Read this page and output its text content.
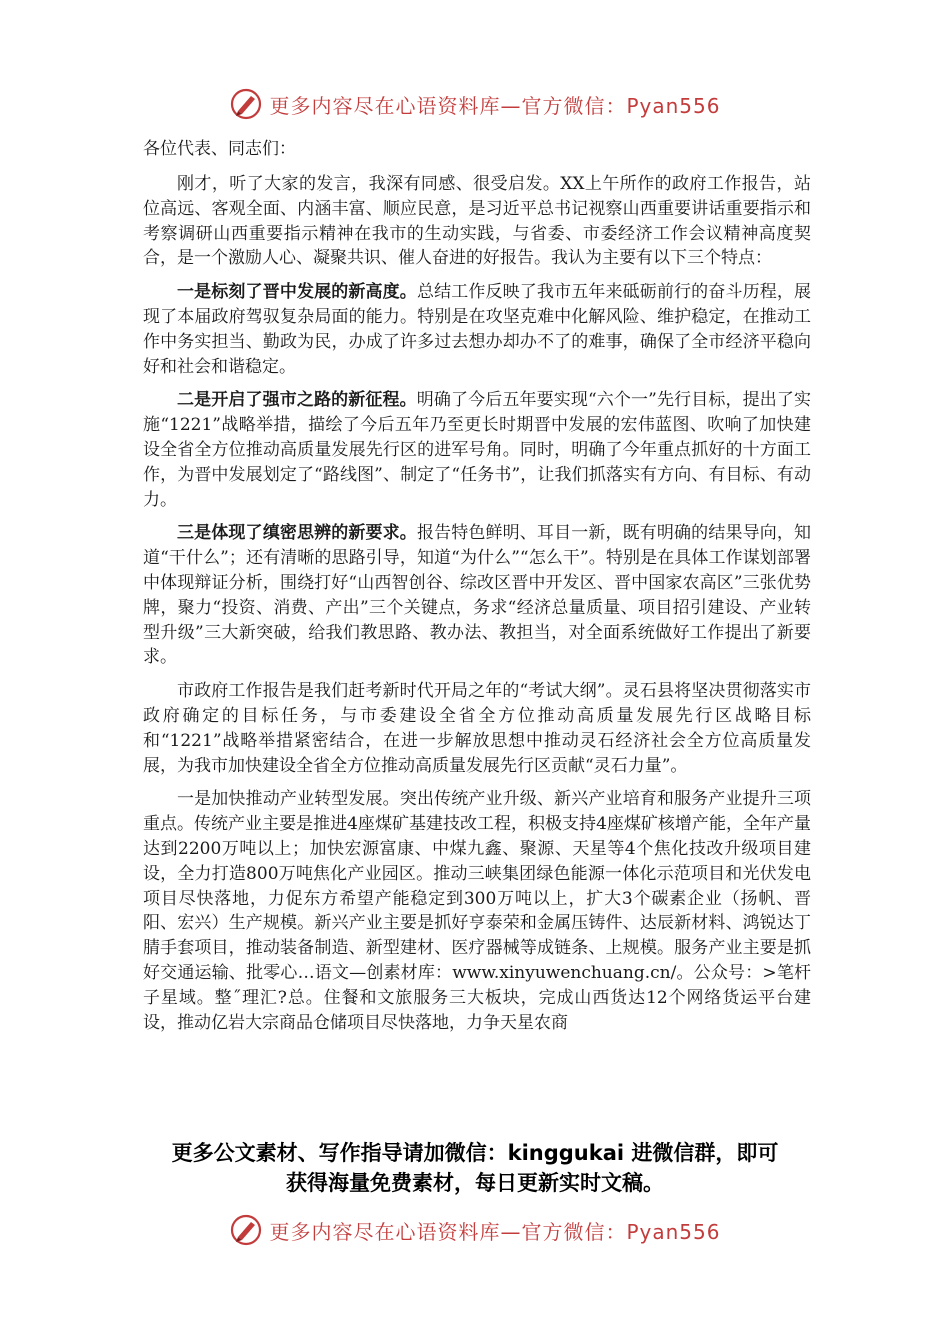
更多内容尽在心语资料库—官方微信：Pyan556

各位代表、同志们：

刚才，听了大家的发言，我深有同感、很受启发。XX上午所作的政府工作报告，站位高远、客观全面、内涵丰富、顺应民意，是习近平总书记视察山西重要讲话重要指示和考察调研山西重要指示精神在我市的生动实践，与省委、市委经济工作会议精神高度契合，是一个激励人心、凝聚共识、催人奋进的好报告。我认为主要有以下三个特点：

一是标刻了晋中发展的新高度。总结工作反映了我市五年来砥砺前行的奋斗历程，展现了本届政府驾驭复杂局面的能力。特别是在攻坚克难中化解风险、维护稳定，在推动工作中务实担当、勤政为民，办成了许多过去想办却办不了的难事，确保了全市经济平稳向好和社会和谐稳定。

二是开启了强市之路的新征程。明确了今后五年要实现“六个一”先行目标，提出了实施“1221”战略举措，描绘了今后五年乃至更长时期晋中发展的宏伟蓝图、吹响了加快建设全省全方位推动高质量发展先行区的进军号角。同时，明确了今年重点抓好的十方面工作，为晋中发展划定了“路线图”、制定了“任务书”，让我们抓落实有方向、有目标、有动力。

三是体现了缜密思辨的新要求。报告特色鲜明、耳目一新，既有明确的结果导向，知道“干什么”；还有清晰的思路引导，知道“为什么”“怎么干”。特别是在具体工作谋划部署中体现辩证分析，围绕打好“山西智创谷、综改区晋中开发区、晋中国家农高区”三张优势牌，聚力“投资、消费、产出”三个关键点，务求“经济总量质量、项目招引建设、产业转型升级”三大新突破，给我们教思路、教办法、教担当，对全面系统做好工作提出了新要求。

市政府工作报告是我们赶考新时代开局之年的“考试大纲”。灵石县将坚决贯彻落实市政府确定的目标任务，与市委建设全省全方位推动高质量发展先行区战略目标和“1221”战略举措紧密结合，在进一步解放思想中推动灵石经济社会全方位高质量发展，为我市加快建设全省全方位推动高质量发展先行区贡献“灵石力量”。

一是加快推动产业转型发展。突出传统产业升级、新兴产业培育和服务产业提升三项重点。传统产业主要是推进4座煤矿基建技改工程，积极支持4座煤矿核增产能，全年产量达到2200万吨以上；加快宏源富康、中煤九鑫、聚源、天星等4个焦化技改升级项目建设，全力打造800万吨焦化产业园区。推动三峡集团绿色能源一体化示范项目和光伏发电项目尽快落地，力促东方希望产能稳定到300万吨以上，扩大3个碳素企业（扬帆、晋阳、宏兴）生产规模。新兴产业主要是抓好亨泰荣和金属压铸件、达辰新材料、鸿锐达丁腈手套项目，推动装备制造、新型建材、医疗器械等成链条、上规模。服务产业主要是抓好交通运输、批零心…语文—创素材库：www.xinyuwenchuang.cn/。公众号：>笔杆子星域。整˝理汇?总。住餐和文旅服务三大板块，完成山西货达12个网络货运平台建设，推动亿岩大宗商品仓储项目尽快落地，力争天星农商

更多公文素材、写作指导请加微信：kinggukai 进微信群，即可
获得海量免费素材，每日更新实时文稿。
更多内容尽在心语资料库—官方微信：Pyan556
